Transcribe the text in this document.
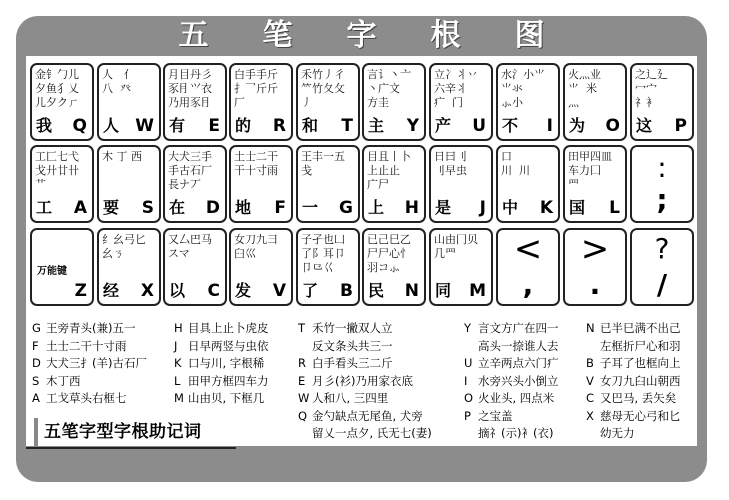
五 笔 字 根 图
金钅勹儿
夕鱼犭乂
儿夕クㄏ
我 Q
人   亻
八  癶
人 W
月目丹彡
豕⺝⺍衣
乃用豕⺝
有 E
白手手斤
扌乛斤斤
厂
的 R
禾竹丿彳
⺮竹夂攵
丿
和 T
言讠丶亠
丶广文
方圭
主 Y
立冫丬丷
六辛丬
疒  门
产 U
水氵小⺌
⺌氺
⺗小
不 I
火灬业
⺌  米
灬
为 O
之辶廴
冖宀
礻衤
这 P
工匚七弋
戈廾廿卄
艹
工 A
木 丁 西

要 S
大犬三手
手古石厂
長ナ丆
在 D
土士二干
干十寸雨

地 F
王丰一五
戋

一 G
目且丨卜
上止止
广尸
上 H
日曰刂
刂早虫

是 J
口
川  川

中 K
田甲四皿
车力囗
罒
国 L
:
;
万能键
Z
纟幺弓匕
幺ㄋ

经 X
又厶巴马
スマ

以 C
女刀九彐
臼巛

发 V
子孑也凵
了阝耳卩
卩⺋巜
了 B
已己巳乙
尸尸心忄
羽コ⺗
民 N
山由冂贝
几⺫

同 M
<
,
>
.
?
/
G 王旁青头(兼)五一
F 土士二干十寸雨
D 大犬三⺘(羊)古石厂
S 木丁西
A 工戈草头右框七
H 目具上止卜虎皮
J 日早两竖与虫依
K 口与川, 字根稀
L 田甲方框四车力
M 山由贝, 下框几
T 禾竹一撇双人立
反文条头共三一
R 白手看头三二斤
E 月彡(衫)乃用家衣底
W 人和八, 三四里
Q 金勺缺点无尾鱼, 犬旁
留乂一点夕, 氏无七(妻)
Y 言文方广在四一
高头一捺谁人去
U 立辛两点六门疒
I 水旁兴头小倒立
O 火业头, 四点米
P 之宝盖
摘礻(示)衤(衣)
N 已半巳满不出己
左框折尸心和羽
B 子耳了也框向上
V 女刀九臼山朝西
C 又巴马, 丢矢矣
X 慈母无心弓和匕
幼无力
五笔字型字根助记词
